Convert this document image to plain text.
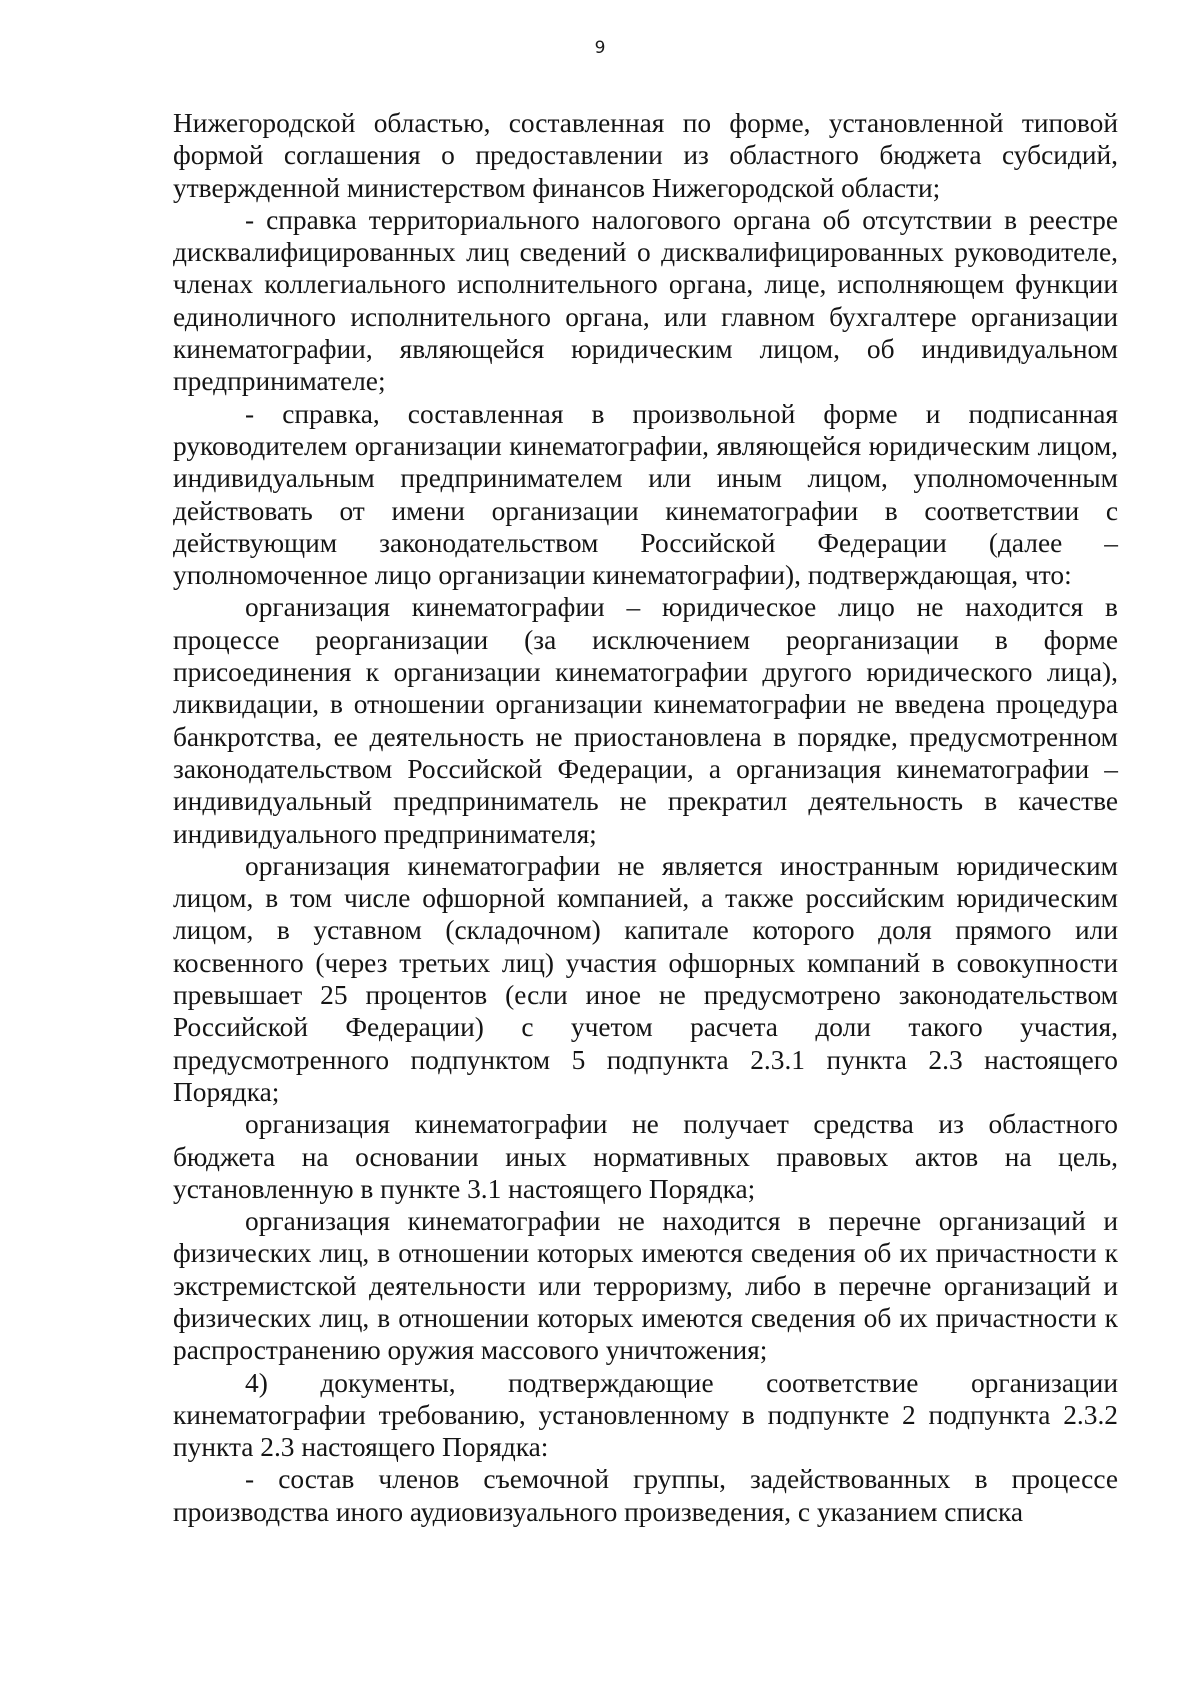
9

Нижегородской областью, составленная по форме, установленной типовой формой соглашения о предоставлении из областного бюджета субсидий, утвержденной министерством финансов Нижегородской области;

- справка территориального налогового органа об отсутствии в реестре дисквалифицированных лиц сведений о дисквалифицированных руководителе, членах коллегиального исполнительного органа, лице, исполняющем функции единоличного исполнительного органа, или главном бухгалтере организации кинематографии, являющейся юридическим лицом, об индивидуальном предпринимателе;

- справка, составленная в произвольной форме и подписанная руководителем организации кинематографии, являющейся юридическим лицом, индивидуальным предпринимателем или иным лицом, уполномоченным действовать от имени организации кинематографии в соответствии с действующим законодательством Российской Федерации (далее – уполномоченное лицо организации кинематографии), подтверждающая, что:

организация кинематографии – юридическое лицо не находится в процессе реорганизации (за исключением реорганизации в форме присоединения к организации кинематографии другого юридического лица), ликвидации, в отношении организации кинематографии не введена процедура банкротства, ее деятельность не приостановлена в порядке, предусмотренном законодательством Российской Федерации, а организация кинематографии – индивидуальный предприниматель не прекратил деятельность в качестве индивидуального предпринимателя;

организация кинематографии не является иностранным юридическим лицом, в том числе офшорной компанией, а также российским юридическим лицом, в уставном (складочном) капитале которого доля прямого или косвенного (через третьих лиц) участия офшорных компаний в совокупности превышает 25 процентов (если иное не предусмотрено законодательством Российской Федерации) с учетом расчета доли такого участия, предусмотренного подпунктом 5 подпункта 2.3.1 пункта 2.3 настоящего Порядка;

организация кинематографии не получает средства из областного бюджета на основании иных нормативных правовых актов на цель, установленную в пункте 3.1 настоящего Порядка;

организация кинематографии не находится в перечне организаций и физических лиц, в отношении которых имеются сведения об их причастности к экстремистской деятельности или терроризму, либо в перечне организаций и физических лиц, в отношении которых имеются сведения об их причастности к распространению оружия массового уничтожения;

4) документы, подтверждающие соответствие организации кинематографии требованию, установленному в подпункте 2 подпункта 2.3.2 пункта 2.3 настоящего Порядка:

- состав членов съемочной группы, задействованных в процессе производства иного аудиовизуального произведения, с указанием списка
